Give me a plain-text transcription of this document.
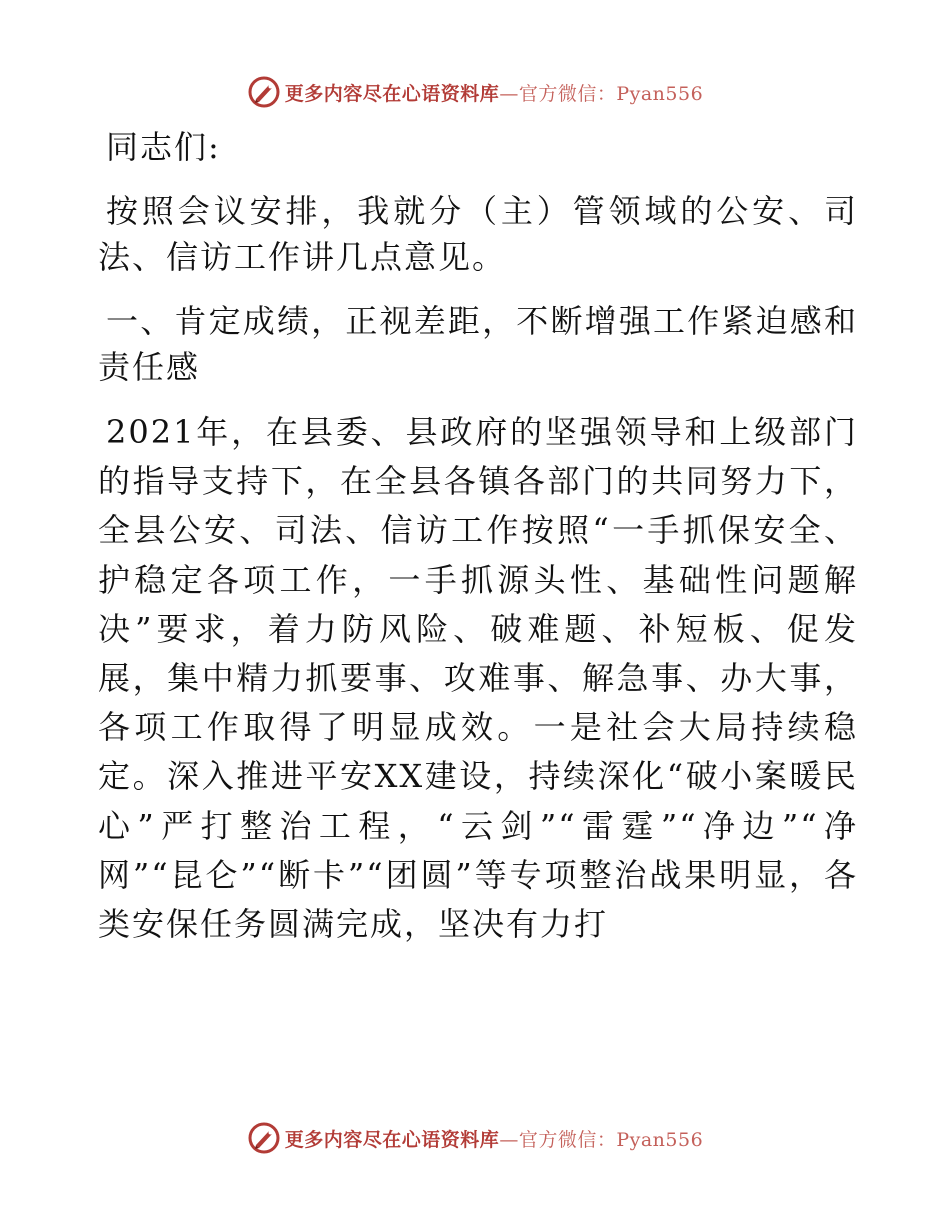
更多内容尽在心语资料库—官方微信：Pyan556

同志们:

按照会议安排，我就分（主）管领域的公安、司法、信访工作讲几点意见。

一、肯定成绩，正视差距，不断增强工作紧迫感和责任感

2021年，在县委、县政府的坚强领导和上级部门的指导支持下，在全县各镇各部门的共同努力下，全县公安、司法、信访工作按照“一手抓保安全、护稳定各项工作，一手抓源头性、基础性问题解决”要求，着力防风险、破难题、补短板、促发展，集中精力抓要事、攻难事、解急事、办大事，各项工作取得了明显成效。一是社会大局持续稳定。深入推进平安XX建设，持续深化“破小案暖民心”严打整治工程，“云剑”“雷霆”“净边”“净网”“昆仑”“断卡”“团圆”等专项整治战果明显，各类安保任务圆满完成，坚决有力打

更多内容尽在心语资料库—官方微信：Pyan556
